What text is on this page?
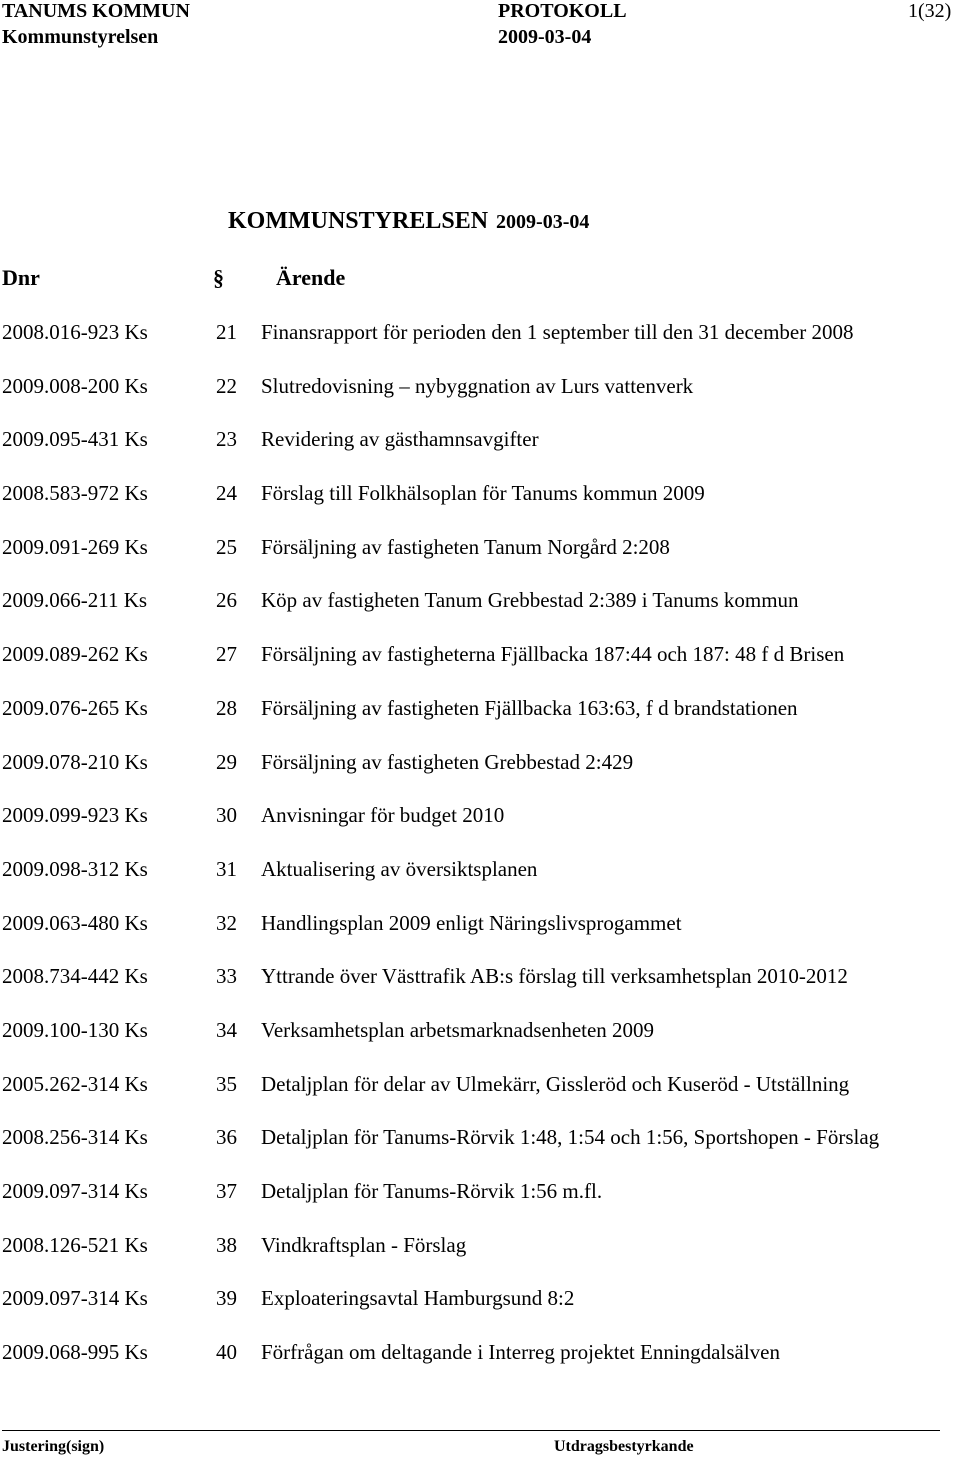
TANUMS KOMMUN	PROTOKOLL	1(32)
Kommunstyrelsen	2009-03-04
KOMMUNSTYRELSEN 2009-03-04
Dnr	§ Ärende
2008.016-923 Ks	21 Finansrapport för perioden den 1 september till den 31 december 2008
2009.008-200 Ks	22 Slutredovisning – nybyggnation av Lurs vattenverk
2009.095-431 Ks	23 Revidering av gästhamnsavgifter
2008.583-972 Ks	24 Förslag till Folkhälsoplan för Tanums kommun 2009
2009.091-269 Ks	25 Försäljning av fastigheten Tanum Norgård 2:208
2009.066-211 Ks	26 Köp av fastigheten Tanum Grebbestad 2:389 i Tanums kommun
2009.089-262 Ks	27 Försäljning av fastigheterna Fjällbacka 187:44 och 187: 48 f d Brisen
2009.076-265 Ks	28 Försäljning av fastigheten Fjällbacka 163:63, f d brandstationen
2009.078-210 Ks	29 Försäljning av fastigheten Grebbestad 2:429
2009.099-923 Ks	30 Anvisningar för budget 2010
2009.098-312 Ks	31 Aktualisering av översiktsplanen
2009.063-480 Ks	32 Handlingsplan 2009 enligt Näringslivsprogammet
2008.734-442 Ks	33 Yttrande över Västtrafik AB:s förslag till verksamhetsplan 2010-2012
2009.100-130 Ks	34 Verksamhetsplan arbetsmarknadsenheten 2009
2005.262-314 Ks	35 Detaljplan för delar av Ulmekärr, Gissleröd och Kuseröd - Utställning
2008.256-314 Ks	36 Detaljplan för Tanums-Rörvik 1:48, 1:54 och 1:56, Sportshopen - Förslag
2009.097-314 Ks	37 Detaljplan för Tanums-Rörvik 1:56 m.fl.
2008.126-521 Ks	38 Vindkraftsplan - Förslag
2009.097-314 Ks	39 Exploateringsavtal Hamburgsund 8:2
2009.068-995 Ks	40 Förfrågan om deltagande i Interreg projektet Enningdalsälven
Justering(sign)	Utdragsbestyrkande
